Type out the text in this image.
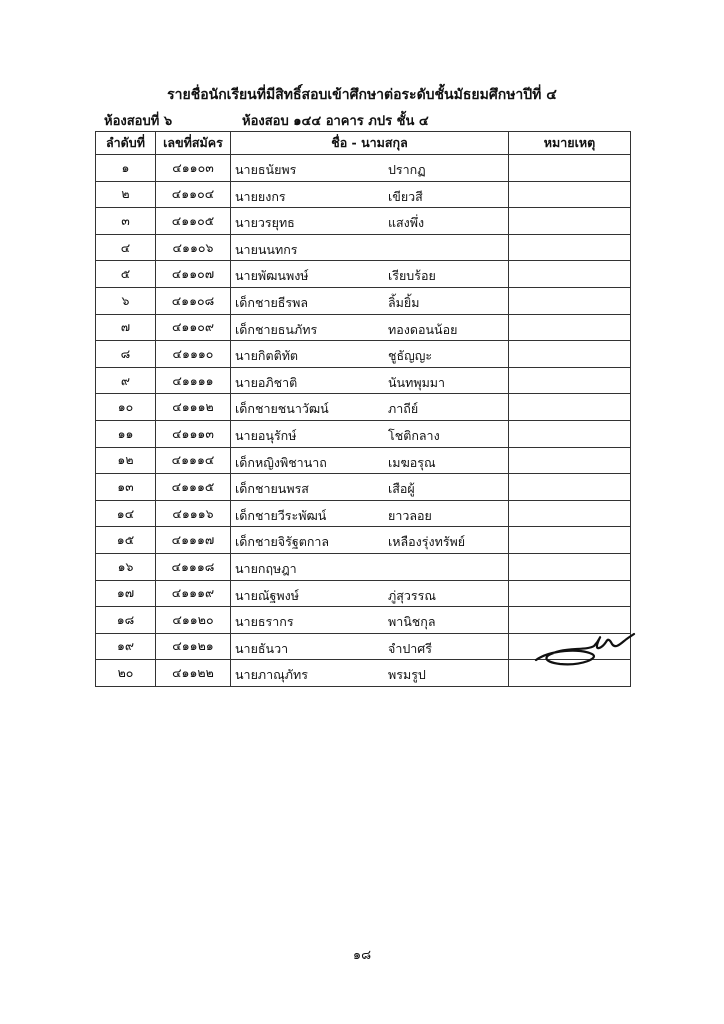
รายชื่อนักเรียนที่มีสิทธิ์สอบเข้าศึกษาต่อระดับชั้นมัธยมศึกษาปีที่ ๔
ห้องสอบที่ ๖	ห้องสอบ ๑๔๔ อาคาร ภปร ชั้น ๔
ลำดับที่	เลขที่สมัคร	ชื่อ - นามสกุล	หมายเหตุ
๑	๔๑๑๐๓	นายธนัยพร ปรากฏ	

๒	๔๑๑๐๔	นายยงกร เขียวสี	

๓	๔๑๑๐๕	นายวรยุทธ แสงพึ่ง	

๔	๔๑๑๐๖	นายนนทกร	

๕	๔๑๑๐๗	นายพัฒนพงษ์ เรียบร้อย	

๖	๔๑๑๐๘	เด็กชายธีรพล ลิ้มยิ้ม	

๗	๔๑๑๐๙	เด็กชายธนภัทร ทองดอนน้อย	

๘	๔๑๑๑๐	นายกิตติทัต ชูธัญญะ	

๙	๔๑๑๑๑	นายอภิชาติ นันทพุมมา	

๑๐	๔๑๑๑๒	เด็กชายชนาวัฒน์ ภาถีย์	

๑๑	๔๑๑๑๓	นายอนุรักษ์ โชติกลาง	

๑๒	๔๑๑๑๔	เด็กหญิงพิชานาถ เมฆอรุณ	

๑๓	๔๑๑๑๕	เด็กชายนพรส เสือผู้	

๑๔	๔๑๑๑๖	เด็กชายวีระพัฒน์ ยาวลอย	

๑๕	๔๑๑๑๗	เด็กชายจิรัฐตกาล เหลืองรุ่งทรัพย์	

๑๖	๔๑๑๑๘	นายกฤษฎา	

๑๗	๔๑๑๑๙	นายณัฐพงษ์ ภู่สุวรรณ	

๑๘	๔๑๑๒๐	นายธรากร พานิชกุล	

๑๙	๔๑๑๒๑	นายธันวา จำปาศรี	

๒๐	๔๑๑๒๒	นายภาณุภัทร พรมรูป	

๑๘
